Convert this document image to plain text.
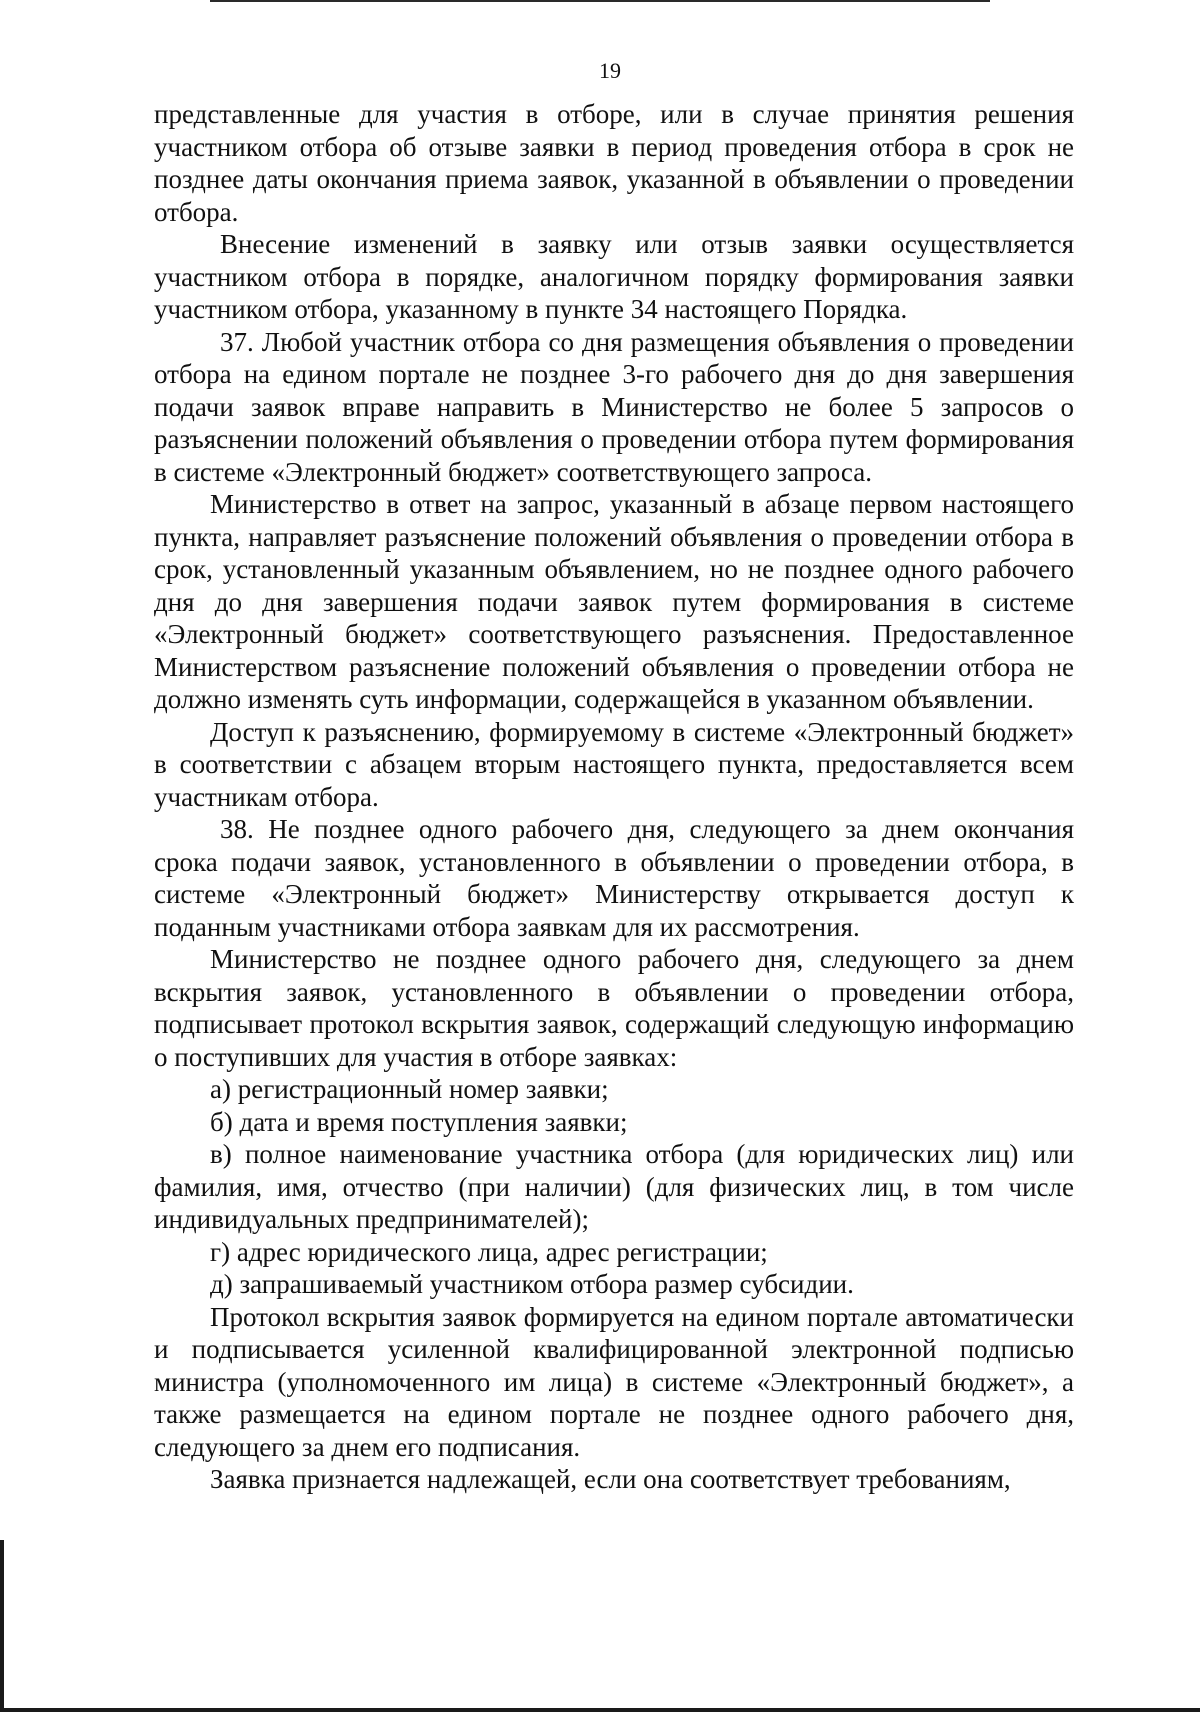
19

представленные для участия в отборе, или в случае принятия решения участником отбора об отзыве заявки в период проведения отбора в срок не позднее даты окончания приема заявок, указанной в объявлении о проведении отбора.

Внесение изменений в заявку или отзыв заявки осуществляется участником отбора в порядке, аналогичном порядку формирования заявки участником отбора, указанному в пункте 34 настоящего Порядка.

37. Любой участник отбора со дня размещения объявления о проведении отбора на едином портале не позднее 3-го рабочего дня до дня завершения подачи заявок вправе направить в Министерство не более 5 запросов о разъяснении положений объявления о проведении отбора путем формирования в системе «Электронный бюджет» соответствующего запроса.

Министерство в ответ на запрос, указанный в абзаце первом настоящего пункта, направляет разъяснение положений объявления о проведении отбора в срок, установленный указанным объявлением, но не позднее одного рабочего дня до дня завершения подачи заявок путем формирования в системе «Электронный бюджет» соответствующего разъяснения. Предоставленное Министерством разъяснение положений объявления о проведении отбора не должно изменять суть информации, содержащейся в указанном объявлении.

Доступ к разъяснению, формируемому в системе «Электронный бюджет» в соответствии с абзацем вторым настоящего пункта, предоставляется всем участникам отбора.

38. Не позднее одного рабочего дня, следующего за днем окончания срока подачи заявок, установленного в объявлении о проведении отбора, в системе «Электронный бюджет» Министерству открывается доступ к поданным участниками отбора заявкам для их рассмотрения.

Министерство не позднее одного рабочего дня, следующего за днем вскрытия заявок, установленного в объявлении о проведении отбора, подписывает протокол вскрытия заявок, содержащий следующую информацию о поступивших для участия в отборе заявках:

а) регистрационный номер заявки;

б) дата и время поступления заявки;

в) полное наименование участника отбора (для юридических лиц) или фамилия, имя, отчество (при наличии) (для физических лиц, в том числе индивидуальных предпринимателей);

г) адрес юридического лица, адрес регистрации;

д) запрашиваемый участником отбора размер субсидии.

Протокол вскрытия заявок формируется на едином портале автоматически и подписывается усиленной квалифицированной электронной подписью министра (уполномоченного им лица) в системе «Электронный бюджет», а также размещается на едином портале не позднее одного рабочего дня, следующего за днем его подписания.

Заявка признается надлежащей, если она соответствует требованиям,
